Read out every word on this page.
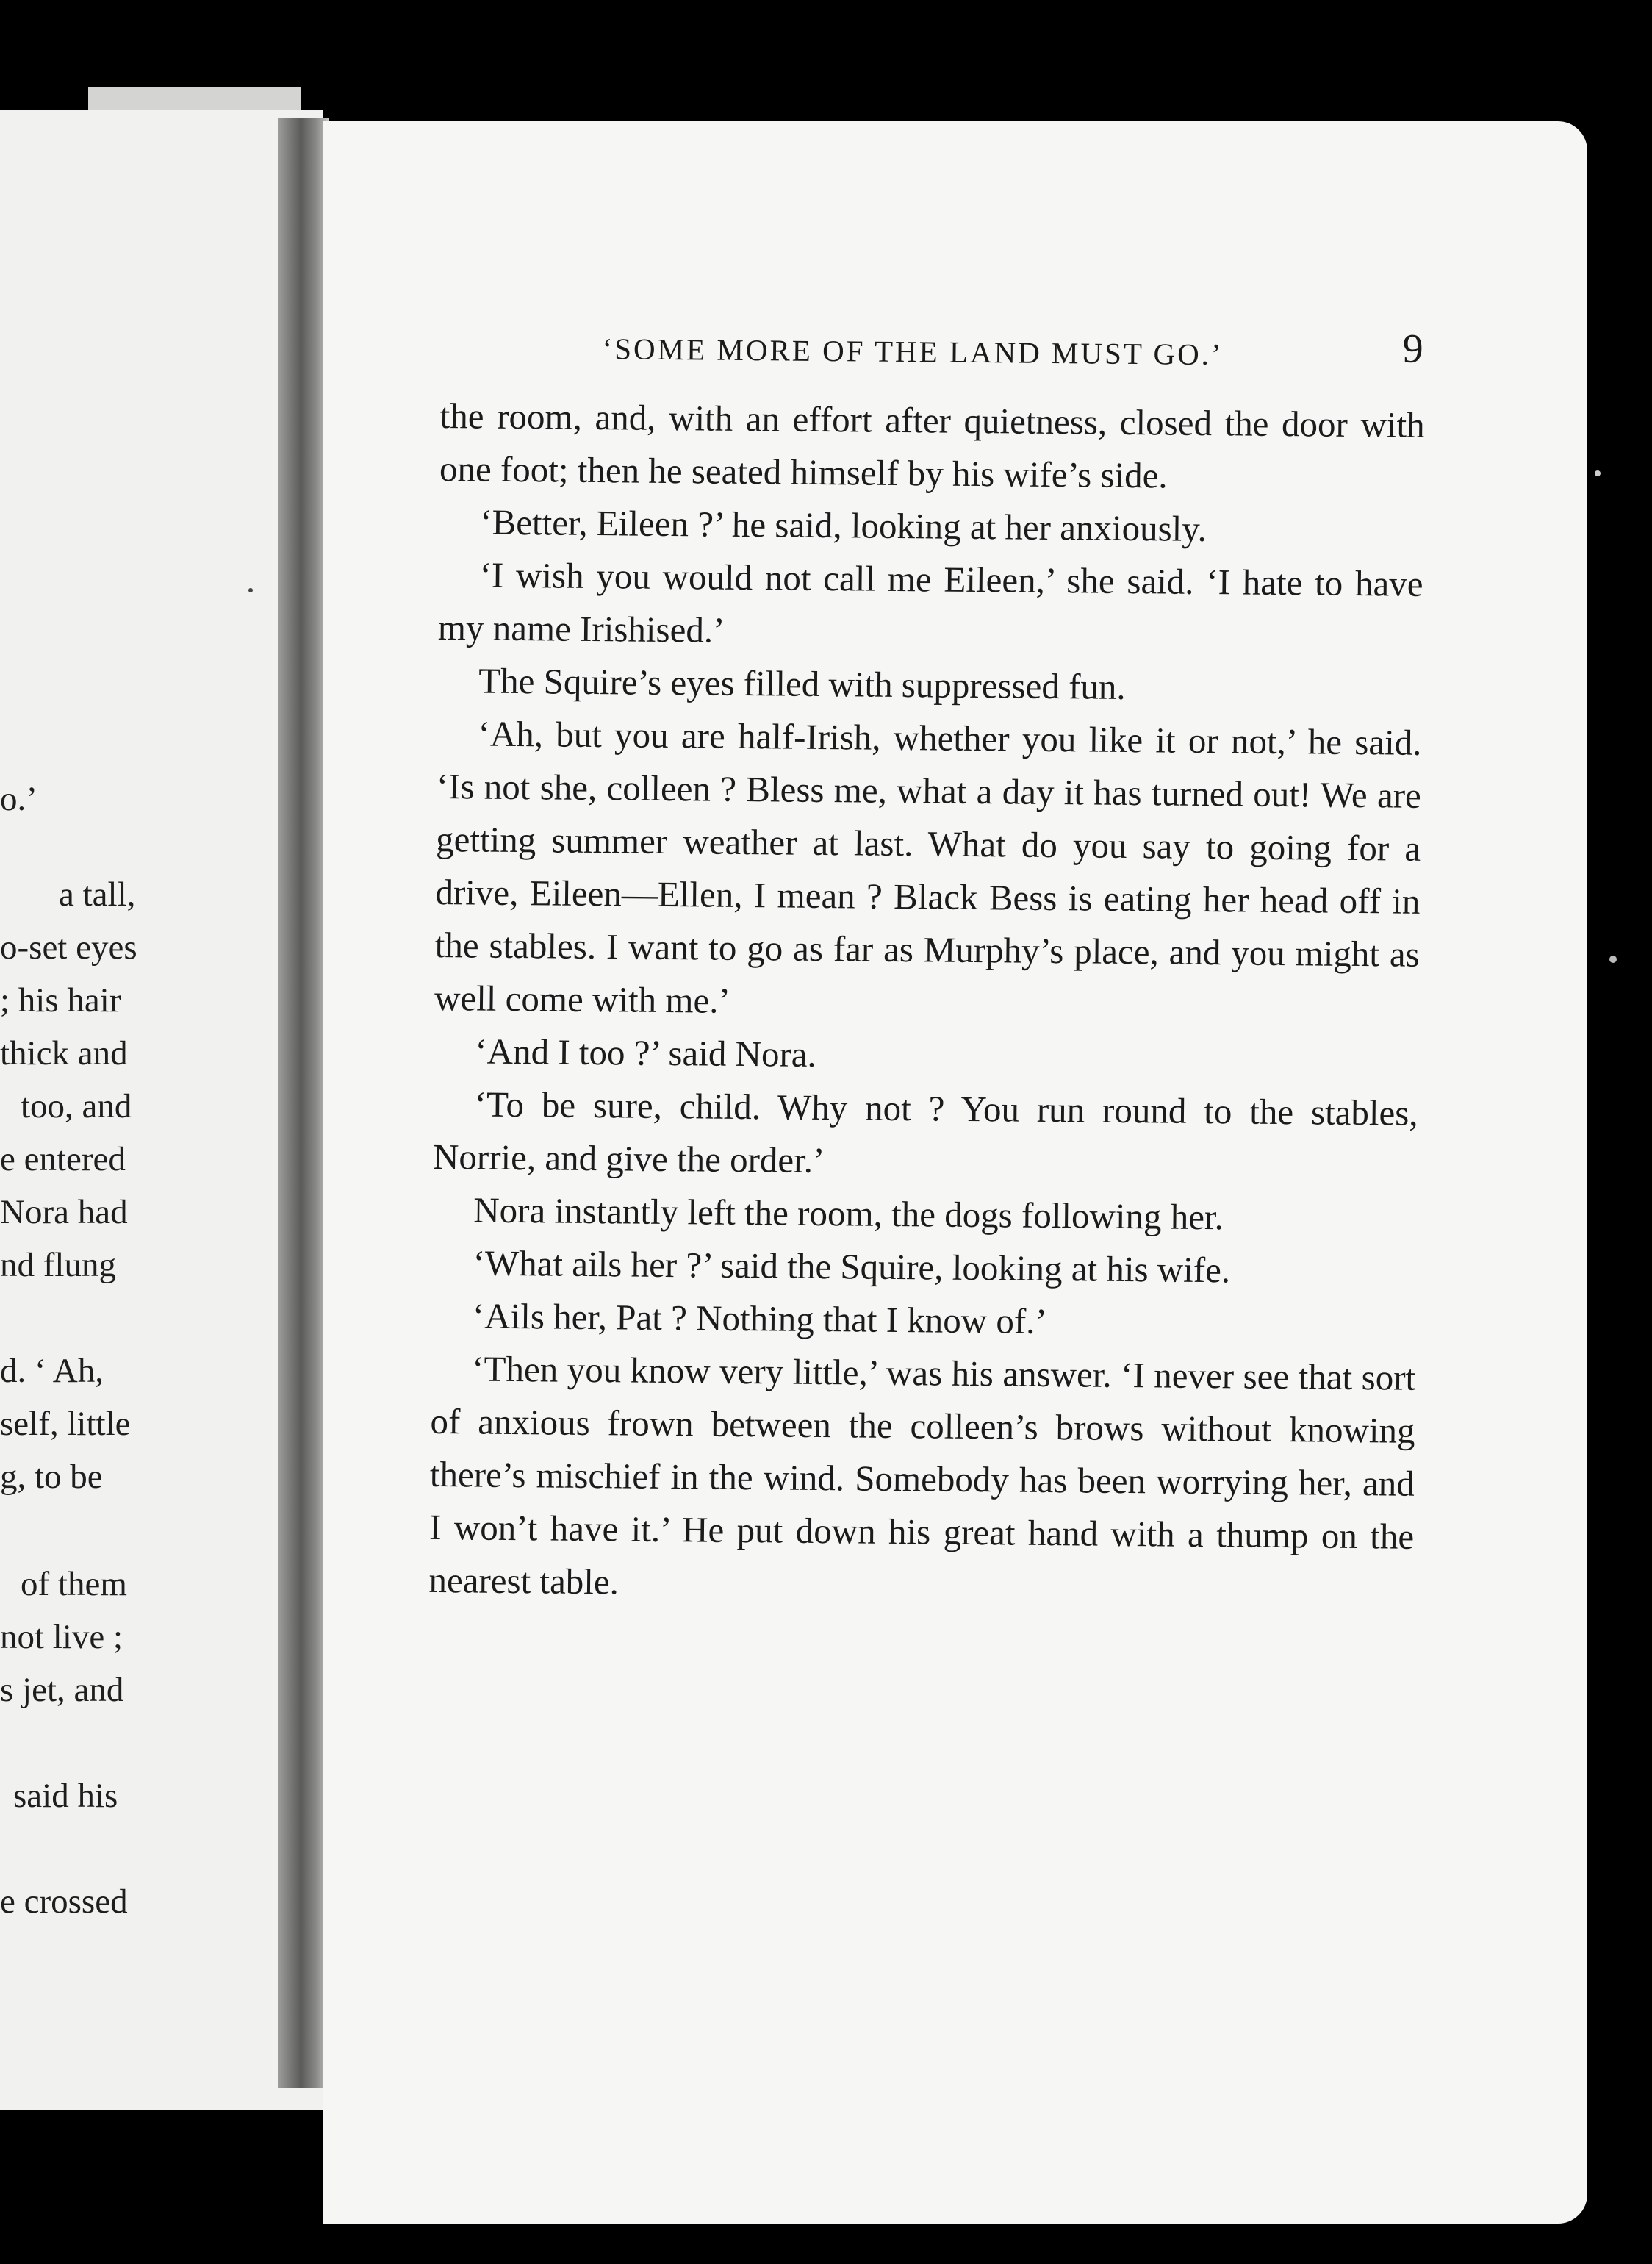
o.’
a tall,
o-set eyes
; his hair
thick and
too, and
e entered
Nora had
nd flung
d. ‘ Ah,
self, little
g, to be
of them
not live ;
s jet, and
said his
e crossed
‘SOME MORE OF THE LAND MUST GO.’	9

the room, and, with an effort after quietness, closed the door with one foot; then he seated himself by his wife’s side.

‘Better, Eileen ?’ he said, looking at her anxiously.

‘I wish you would not call me Eileen,’ she said. ‘I hate to have my name Irishised.’

The Squire’s eyes filled with suppressed fun.

‘Ah, but you are half-Irish, whether you like it or not,’ he said. ‘Is not she, colleen ? Bless me, what a day it has turned out! We are getting summer weather at last. What do you say to going for a drive, Eileen—Ellen, I mean ? Black Bess is eating her head off in the stables. I want to go as far as Murphy’s place, and you might as well come with me.’

‘And I too ?’ said Nora.

‘To be sure, child. Why not ? You run round to the stables, Norrie, and give the order.’

Nora instantly left the room, the dogs following her.

‘What ails her ?’ said the Squire, looking at his wife.

‘Ails her, Pat ? Nothing that I know of.’

‘Then you know very little,’ was his answer. ‘I never see that sort of anxious frown between the colleen’s brows without knowing there’s mischief in the wind. Somebody has been worrying her, and I won’t have it.’ He put down his great hand with a thump on the nearest table.
